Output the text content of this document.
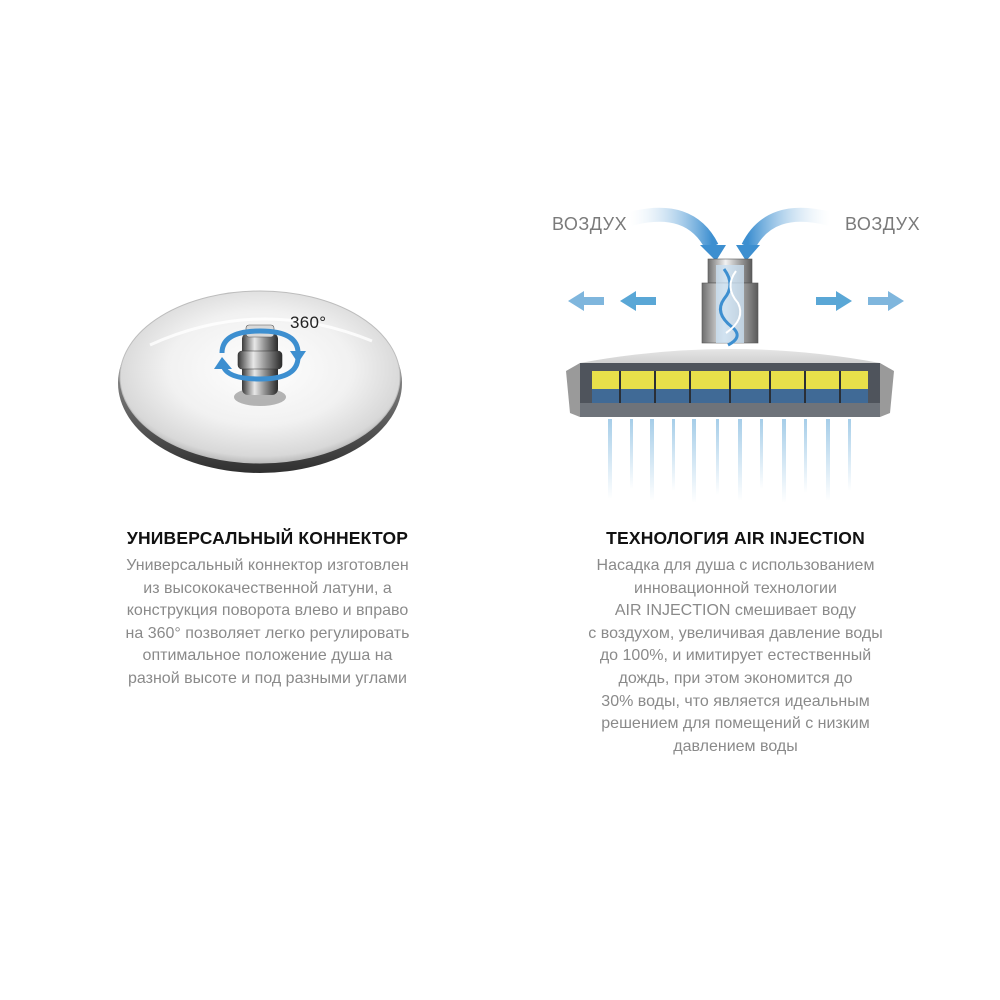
360°
ВОЗДУХ	ВОЗДУХ
УНИВЕРСАЛЬНЫЙ КОННЕКТОР
Универсальный коннектор изготовлен
из высококачественной латуни, а
конструкция поворота влево и вправо
на 360° позволяет легко регулировать
оптимальное положение душа на
разной высоте и под разными углами
ТЕХНОЛОГИЯ AIR INJECTION
Насадка для душа с использованием
инновационной технологии
AIR INJECTION смешивает воду
с воздухом, увеличивая давление воды
до 100%, и имитирует естественный
дождь, при этом экономится до
30% воды, что является идеальным
решением для помещений с низким
давлением воды
